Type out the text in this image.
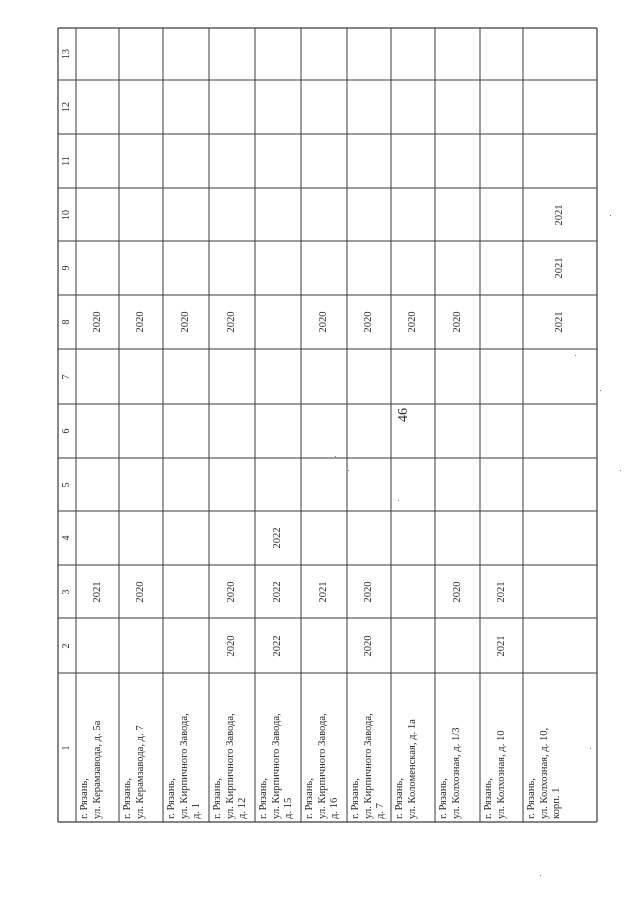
46
1
2
3
4
5
6
7
8
9
10
11
12
13
г. Рязань,
ул. Керамзавода, д. 5а
2021
2020
г. Рязань,
ул. Керамзавода, д. 7
2020
2020
г. Рязань,
ул. Кирпичного Завода,
д. 1
2020
г. Рязань,
ул. Кирпичного Завода,
д. 12
2020
2020
2020
г. Рязань,
ул. Кирпичного Завода,
д. 15
2022
2022
2022
г. Рязань,
ул. Кирпичного Завода,
д. 16
2021
2020
г. Рязань,
ул. Кирпичного Завода,
д. 7
2020
2020
2020
г. Рязань,
ул. Коломенская, д. 1а
2020
г. Рязань,
ул. Колхозная, д. 1/3
2020
2020
г. Рязань,
ул. Колхозная, д. 10
2021
2021
г. Рязань,
ул. Колхозная, д. 10,
корп. 1
2021
2021
2021
